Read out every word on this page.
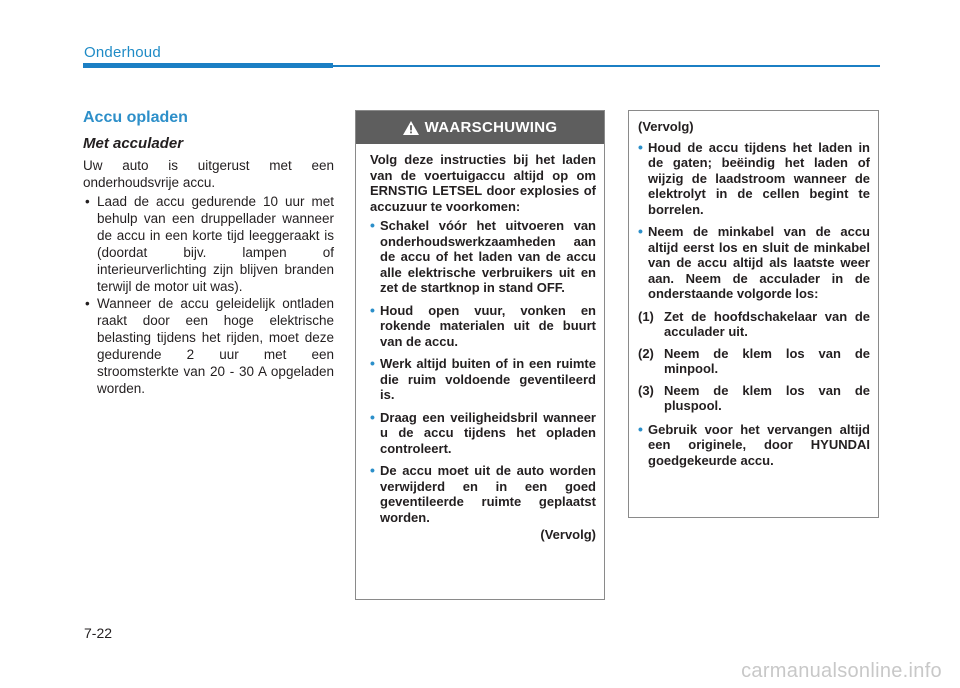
Onderhoud
Accu opladen
Met acculader

Uw auto is uitgerust met een onderhoudsvrije accu.

• Laad de accu gedurende 10 uur met behulp van een druppellader wanneer de accu in een korte tijd leeggeraakt is (doordat bijv. lampen of interieurverlichting zijn blijven branden terwijl de motor uit was).
• Wanneer de accu geleidelijk ontladen raakt door een hoge elektrische belasting tijdens het rijden, moet deze gedurende 2 uur met een stroomsterkte van 20 - 30 A opgeladen worden.
WAARSCHUWING

Volg deze instructies bij het laden van de voertuigaccu altijd op om ERNSTIG LETSEL door explosies of accuzuur te voorkomen:

• Schakel vóór het uitvoeren van onderhoudswerkzaamheden aan de accu of het laden van de accu alle elektrische verbruikers uit en zet de startknop in stand OFF.
• Houd open vuur, vonken en rokende materialen uit de buurt van de accu.
• Werk altijd buiten of in een ruimte die ruim voldoende geventileerd is.
• Draag een veiligheidsbril wanneer u de accu tijdens het opladen controleert.
• De accu moet uit de auto worden verwijderd en in een goed geventileerde ruimte geplaatst worden.
(Vervolg)
(Vervolg)
• Houd de accu tijdens het laden in de gaten; beëindig het laden of wijzig de laadstroom wanneer de elektrolyt in de cellen begint te borrelen.
• Neem de minkabel van de accu altijd eerst los en sluit de minkabel van de accu altijd als laatste weer aan. Neem de acculader in de onderstaande volgorde los:
(1) Zet de hoofdschakelaar van de acculader uit.
(2) Neem de klem los van de minpool.
(3) Neem de klem los van de pluspool.
• Gebruik voor het vervangen altijd een originele, door HYUNDAI goedgekeurde accu.
7-22
carmanualsonline.info
